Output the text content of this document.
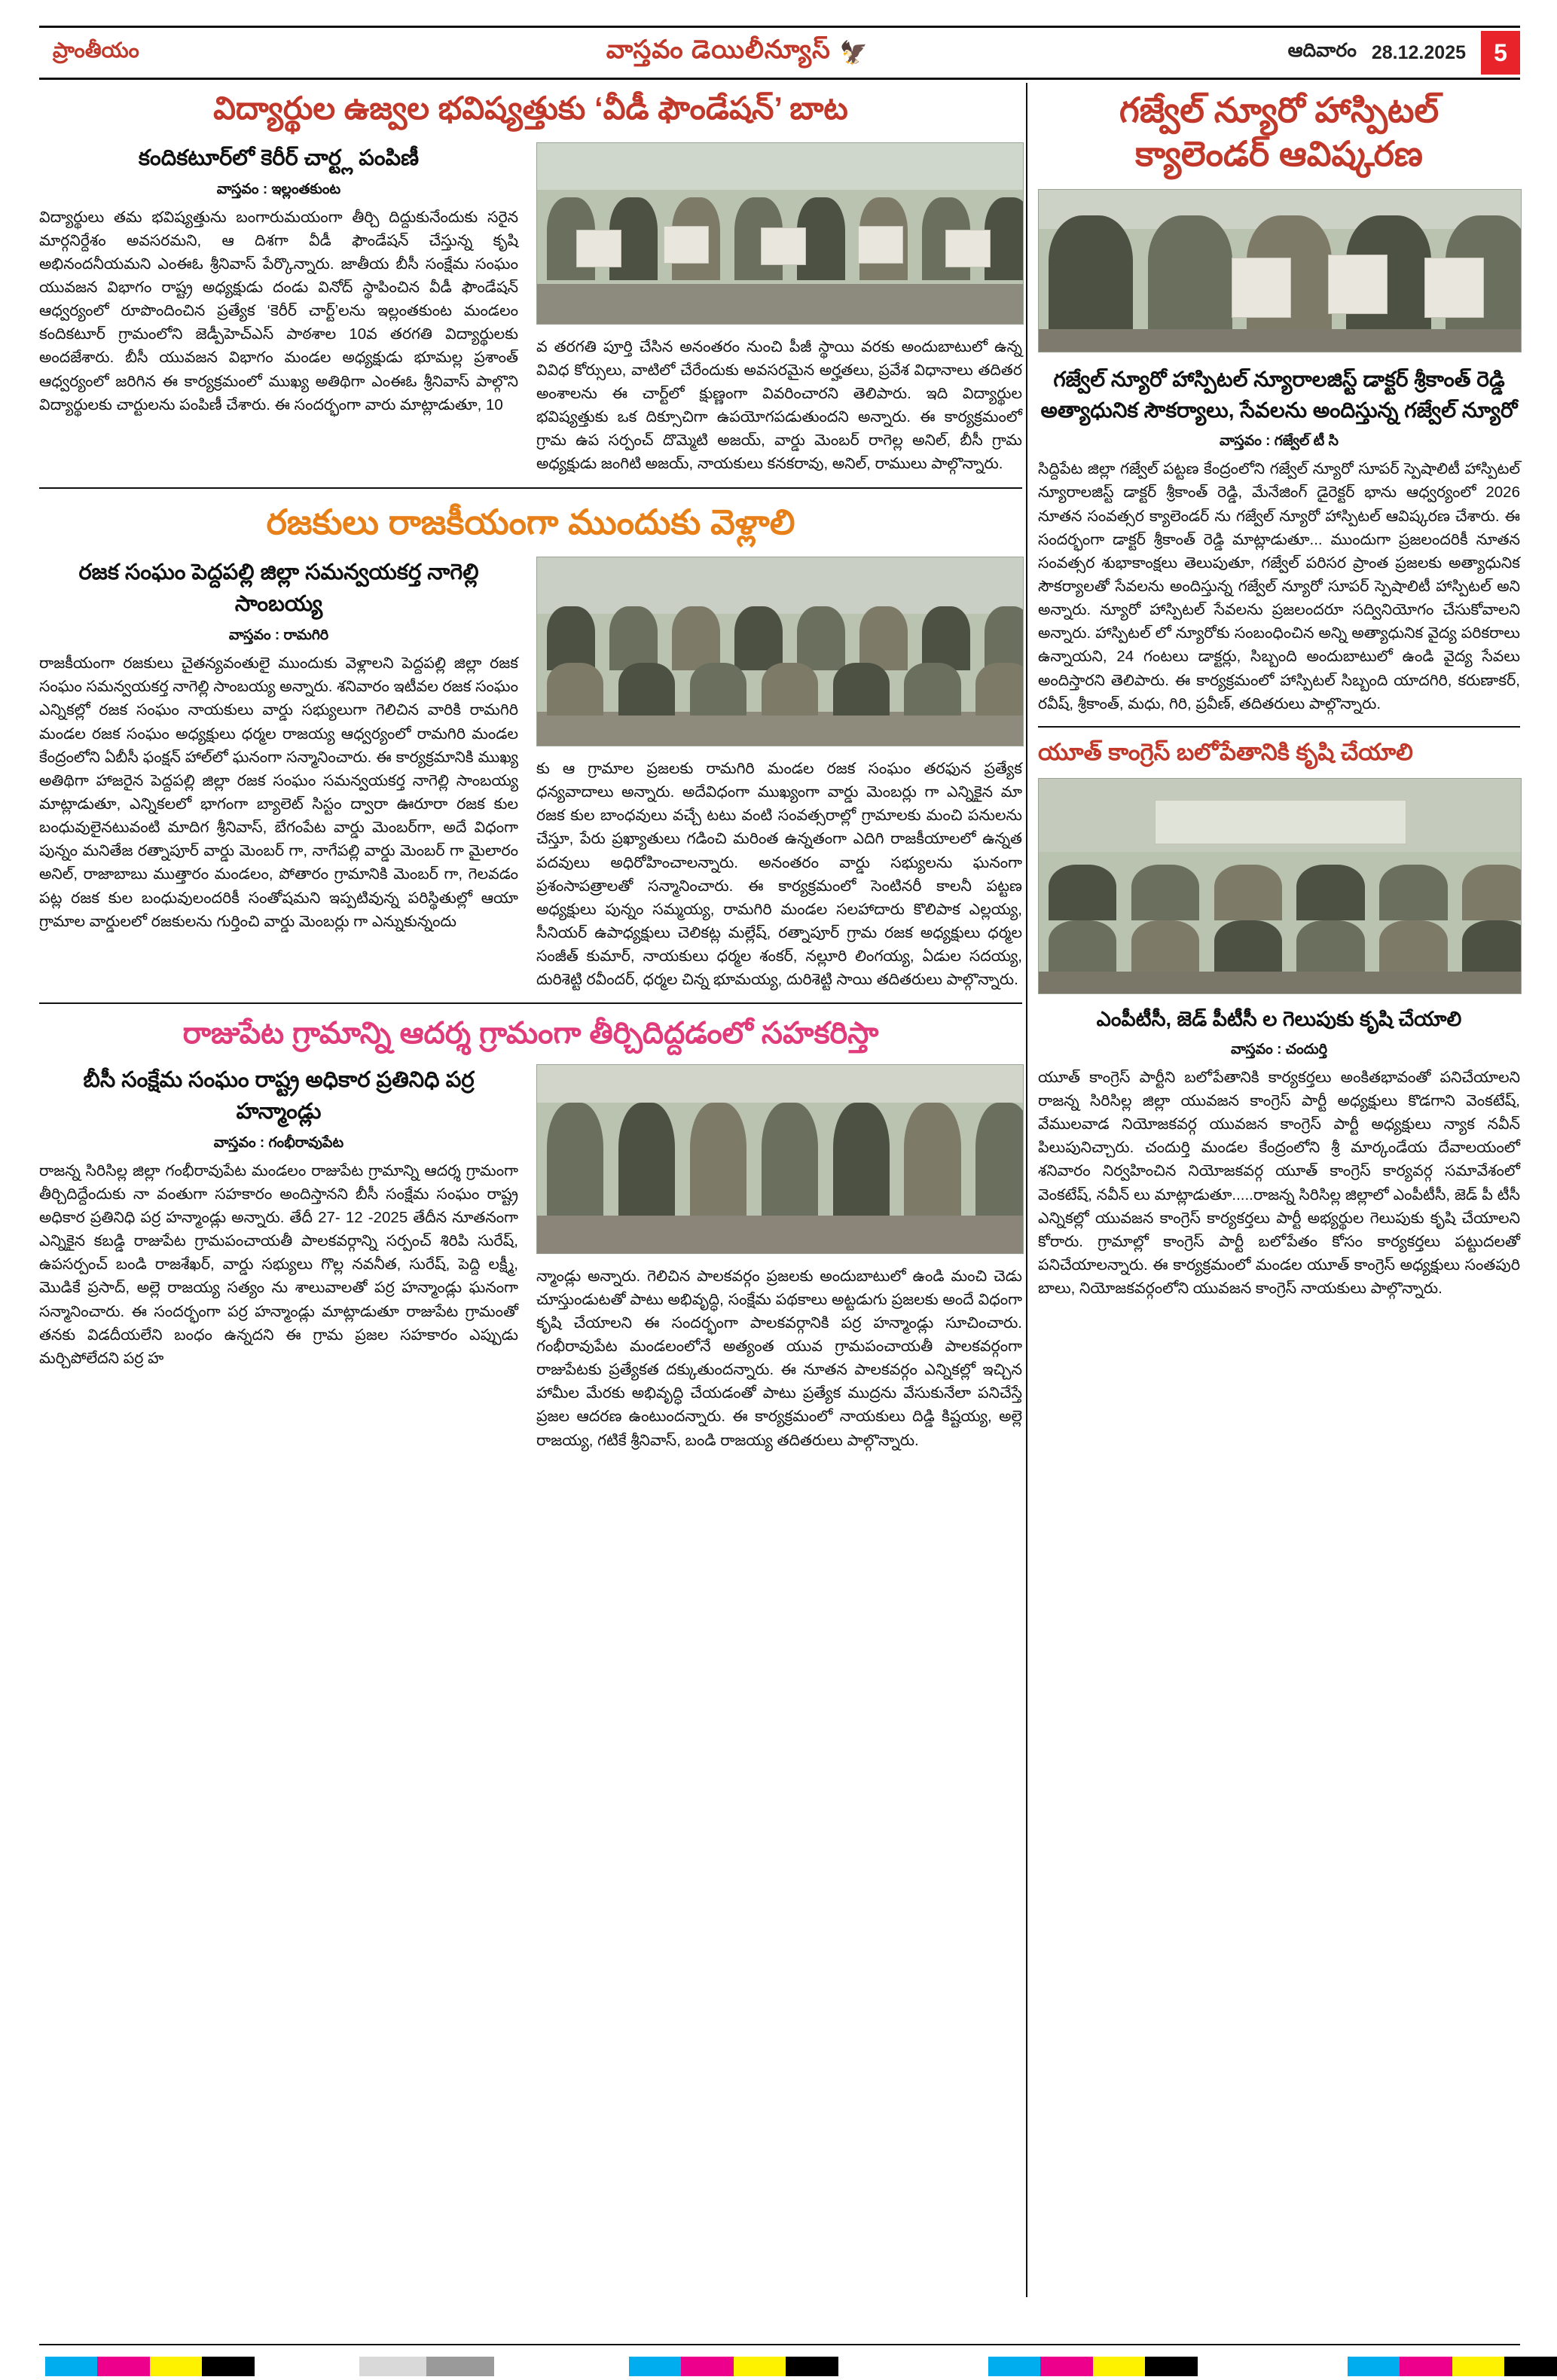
ప్రాంతీయం	వాస్తవం డెయిలీన్యూస్ 🦅	ఆదివారం 28.12.2025	5
విద్యార్థుల ఉజ్వల భవిష్యత్తుకు ‘వీడీ ఫౌండేషన్’ బాట
కందికటూర్‌లో కెరీర్ చార్ట్ల పంపిణీ
వాస్తవం : ఇల్లంతకుంట
విద్యార్థులు తమ భవిష్యత్తును బంగారుమయంగా తీర్చి దిద్దుకునేందుకు సరైన మార్గనిర్దేశం అవసరమని, ఆ దిశగా వీడీ ఫౌండేషన్ చేస్తున్న కృషి అభినందనీయమని ఎంఈఓ శ్రీనివాస్ పేర్కొన్నారు. జాతీయ బీసీ సంక్షేమ సంఘం యువజన విభాగం రాష్ట్ర అధ్యక్షుడు దండు వినోద్ స్థాపించిన వీడీ ఫౌండేషన్ ఆధ్వర్యంలో రూపొందించిన ప్రత్యేక ‘కెరీర్ చార్ట్’లను ఇల్లంతకుంట మండలం కందికటూర్ గ్రామంలోని జెడ్పీహెచ్ఎస్ పాఠశాల 10వ తరగతి విద్యార్థులకు అందజేశారు. బీసీ యువజన విభాగం మండల అధ్యక్షుడు భూమల్ల ప్రశాంత్ ఆధ్వర్యంలో జరిగిన ఈ కార్యక్రమంలో ముఖ్య అతిథిగా ఎంఈఓ శ్రీనివాస్ పాల్గొని విద్యార్థులకు చార్టులను పంపిణీ చేశారు. ఈ సందర్భంగా వారు మాట్లాడుతూ, 10
వ తరగతి పూర్తి చేసిన అనంతరం నుంచి పీజీ స్థాయి వరకు అందుబాటులో ఉన్న వివిధ కోర్సులు, వాటిలో చేరేందుకు అవసరమైన అర్హతలు, ప్రవేశ విధానాలు తదితర అంశాలను ఈ చార్ట్‌లో క్షుణ్ణంగా వివరించారని తెలిపారు. ఇది విద్యార్థుల భవిష్యత్తుకు ఒక దిక్సూచిగా ఉపయోగపడుతుందని అన్నారు. ఈ కార్యక్రమంలో గ్రామ ఉప సర్పంచ్ దొమ్మెటి అజయ్, వార్డు మెంబర్ రాగెల్ల అనిల్, బీసీ గ్రామ అధ్యక్షుడు జంగిటి అజయ్, నాయకులు కనకరావు, అనిల్, రాములు పాల్గొన్నారు.
రజకులు రాజకీయంగా ముందుకు వెళ్లాలి
రజక సంఘం పెద్దపల్లి జిల్లా సమన్వయకర్త నాగెల్లి సాంబయ్య
వాస్తవం : రామగిరి
రాజకీయంగా రజకులు చైతన్యవంతులై ముందుకు వెళ్లాలని పెద్దపల్లి జిల్లా రజక సంఘం సమన్వయకర్త నాగెల్లి సాంబయ్య అన్నారు. శనివారం ఇటీవల రజక సంఘం ఎన్నికల్లో రజక సంఘం నాయకులు వార్డు సభ్యులుగా గెలిచిన వారికి రామగిరి మండల రజక సంఘం అధ్యక్షులు ధర్మల రాజయ్య ఆధ్వర్యంలో రామగిరి మండల కేంద్రంలోని ఏబీసీ ఫంక్షన్ హాల్‌లో ఘనంగా సన్మానించారు. ఈ కార్యక్రమానికి ముఖ్య అతిథిగా హాజరైన పెద్దపల్లి జిల్లా రజక సంఘం సమన్వయకర్త నాగెల్లి సాంబయ్య మాట్లాడుతూ, ఎన్నికలలో భాగంగా బ్యాలెట్ సిస్టం ద్వారా ఊరూరా రజక కుల బంధువులైనటువంటి మాదిగ శ్రీనివాస్, బేగంపేట వార్డు మెంబర్‌గా, అదే విధంగా పున్నం మనితేజ రత్నాపూర్ వార్డు మెంబర్ గా, నాగేపల్లి వార్డు మెంబర్ గా మైలారం అనిల్, రాజాబాబు ముత్తారం మండలం, పోతారం గ్రామానికి మెంబర్ గా, గెలవడం పట్ల రజక కుల బంధువులందరికీ సంతోషమని ఇప్పటివున్న పరిస్థితుల్లో ఆయా గ్రామాల వార్డులలో రజకులను గుర్తించి వార్డు మెంబర్లు గా ఎన్నుకున్నందు
కు ఆ గ్రామాల ప్రజలకు రామగిరి మండల రజక సంఘం తరఫున ప్రత్యేక ధన్యవాదాలు అన్నారు. అదేవిధంగా ముఖ్యంగా వార్డు మెంబర్లు గా ఎన్నికైన మా రజక కుల బాంధవులు వచ్చే టటు వంటి సంవత్సరాల్లో గ్రామాలకు మంచి పనులను చేస్తూ, పేరు ప్రఖ్యాతులు గడించి మరింత ఉన్నతంగా ఎదిగి రాజకీయాలలో ఉన్నత పదవులు అధిరోహించాలన్నారు. అనంతరం వార్డు సభ్యులను ఘనంగా ప్రశంసాపత్రాలతో సన్మానించారు. ఈ కార్యక్రమంలో సెంటినరీ కాలనీ పట్టణ అధ్యక్షులు పున్నం సమ్మయ్య, రామగిరి మండల సలహాదారు కొలిపాక ఎల్లయ్య, సీనియర్ ఉపాధ్యక్షులు చెలికట్ల మల్లేష్, రత్నాపూర్ గ్రామ రజక అధ్యక్షులు ధర్మల సంజీత్ కుమార్, నాయకులు ధర్మల శంకర్, నల్లూరి లింగయ్య, ఏడుల సదయ్య, దురిశెట్టి రవీందర్, ధర్మల చిన్న భూమయ్య, దురిశెట్టి సాయి తదితరులు పాల్గొన్నారు.
రాజుపేట గ్రామాన్ని ఆదర్శ గ్రామంగా తీర్చిదిద్దడంలో సహకరిస్తా
బీసీ సంక్షేమ సంఘం రాష్ట్ర అధికార ప్రతినిధి పర్ర హన్మాండ్లు
వాస్తవం : గంభీరావుపేట
రాజన్న సిరిసిల్ల జిల్లా గంభీరావుపేట మండలం రాజుపేట గ్రామాన్ని ఆదర్శ గ్రామంగా తీర్చిదిద్దేందుకు నా వంతుగా సహకారం అందిస్తానని బీసీ సంక్షేమ సంఘం రాష్ట్ర అధికార ప్రతినిధి పర్ర హన్మాండ్లు అన్నారు. తేదీ 27- 12 -2025 తేదీన నూతనంగా ఎన్నికైన కబడ్డి రాజుపేట గ్రామపంచాయతీ పాలకవర్గాన్ని సర్పంచ్ శిరిపి సురేష్, ఉపసర్పంచ్ బండి రాజశేఖర్, వార్డు సభ్యులు గొల్ల నవనీత, సురేష్, పెద్ది లక్ష్మీ, మొడికే ప్రసాద్, అల్లె రాజయ్య సత్యం ను శాలువాలతో పర్ర హన్మాండ్లు ఘనంగా సన్మానించారు. ఈ సందర్భంగా పర్ర హన్మాండ్లు మాట్లాడుతూ రాజుపేట గ్రామంతో తనకు విడదీయలేని బంధం ఉన్నదని ఈ గ్రామ ప్రజల సహకారం ఎప్పుడు మర్చిపోలేదని పర్ర హ
న్మాండ్లు అన్నారు. గెలిచిన పాలకవర్గం ప్రజలకు అందుబాటులో ఉండి మంచి చెడు చూస్తుండుటతో పాటు అభివృద్ధి, సంక్షేమ పథకాలు అట్టడుగు ప్రజలకు అందే విధంగా కృషి చేయాలని ఈ సందర్భంగా పాలకవర్గానికి పర్ర హన్మాండ్లు సూచించారు. గంభీరావుపేట మండలంలోనే అత్యంత యువ గ్రామపంచాయతీ పాలకవర్గంగా రాజుపేటకు ప్రత్యేకత దక్కుతుందన్నారు. ఈ నూతన పాలకవర్గం ఎన్నికల్లో ఇచ్చిన హామీల మేరకు అభివృద్ధి చేయడంతో పాటు ప్రత్యేక ముద్రను వేసుకునేలా పనిచేస్తే ప్రజల ఆదరణ ఉంటుందన్నారు. ఈ కార్యక్రమంలో నాయకులు దిడ్డి కిష్టయ్య, అల్లె రాజయ్య, గటికే శ్రీనివాస్, బండి రాజయ్య తదితరులు పాల్గొన్నారు.
గజ్వేల్ న్యూరో హాస్పిటల్
క్యాలెండర్ ఆవిష్కరణ
గజ్వేల్ న్యూరో హాస్పిటల్ న్యూరాలజిస్ట్ డాక్టర్ శ్రీకాంత్ రెడ్డి అత్యాధునిక సౌకర్యాలు, సేవలను అందిస్తున్న గజ్వేల్ న్యూరో
వాస్తవం : గజ్వేల్ టీ సి
సిద్దిపేట జిల్లా గజ్వేల్ పట్టణ కేంద్రంలోని గజ్వేల్ న్యూరో సూపర్ స్పెషాలిటీ హాస్పిటల్ న్యూరాలజిస్ట్ డాక్టర్ శ్రీకాంత్ రెడ్డి, మేనేజింగ్ డైరెక్టర్ భాను ఆధ్వర్యంలో 2026 నూతన సంవత్సర క్యాలెండర్ ను గజ్వేల్ న్యూరో హాస్పిటల్ ఆవిష్కరణ చేశారు. ఈ సందర్భంగా డాక్టర్ శ్రీకాంత్ రెడ్డి మాట్లాడుతూ... ముందుగా ప్రజలందరికీ నూతన సంవత్సర శుభాకాంక్షలు తెలుపుతూ, గజ్వేల్ పరిసర ప్రాంత ప్రజలకు అత్యాధునిక సౌకర్యాలతో సేవలను అందిస్తున్న గజ్వేల్ న్యూరో సూపర్ స్పెషాలిటీ హాస్పిటల్ అని అన్నారు. న్యూరో హాస్పిటల్ సేవలను ప్రజలందరూ సద్వినియోగం చేసుకోవాలని అన్నారు. హాస్పిటల్ లో న్యూరోకు సంబంధించిన అన్ని అత్యాధునిక వైద్య పరికరాలు ఉన్నాయని, 24 గంటలు డాక్టర్లు, సిబ్బంది అందుబాటులో ఉండి వైద్య సేవలు అందిస్తారని తెలిపారు. ఈ కార్యక్రమంలో హాస్పిటల్ సిబ్బంది యాదగిరి, కరుణాకర్, రవీష్, శ్రీకాంత్, మధు, గిరి, ప్రవీణ్, తదితరులు పాల్గొన్నారు.
యూత్ కాంగ్రెస్ బలోపేతానికి కృషి చేయాలి
ఎంపీటీసీ, జెడ్ పీటీసీ ల గెలుపుకు కృషి చేయాలి
వాస్తవం : చందుర్తి
యూత్ కాంగ్రెస్ పార్టీని బలోపేతానికి కార్యకర్తలు అంకితభావంతో పనిచేయాలని రాజన్న సిరిసిల్ల జిల్లా యువజన కాంగ్రెస్ పార్టీ అధ్యక్షులు కొడగాని వెంకటేష్, వేములవాడ నియోజకవర్గ యువజన కాంగ్రెస్ పార్టీ అధ్యక్షులు న్యాక నవీన్ పిలుపునిచ్చారు. చందుర్తి మండల కేంద్రంలోని శ్రీ మార్కండేయ దేవాలయంలో శనివారం నిర్వహించిన నియోజకవర్గ యూత్ కాంగ్రెస్ కార్యవర్గ సమావేశంలో వెంకటేష్, నవీన్ లు మాట్లాడుతూ.....రాజన్న సిరిసిల్ల జిల్లాలో ఎంపీటీసీ, జెడ్ పీ టీసీ ఎన్నికల్లో యువజన కాంగ్రెస్ కార్యకర్తలు పార్టీ అభ్యర్థుల గెలుపుకు కృషి చేయాలని కోరారు. గ్రామాల్లో కాంగ్రెస్ పార్టీ బలోపేతం కోసం కార్యకర్తలు పట్టుదలతో పనిచేయాలన్నారు. ఈ కార్యక్రమంలో మండల యూత్ కాంగ్రెస్ అధ్యక్షులు సంతపురి బాలు, నియోజకవర్గంలోని యువజన కాంగ్రెస్ నాయకులు పాల్గొన్నారు.
